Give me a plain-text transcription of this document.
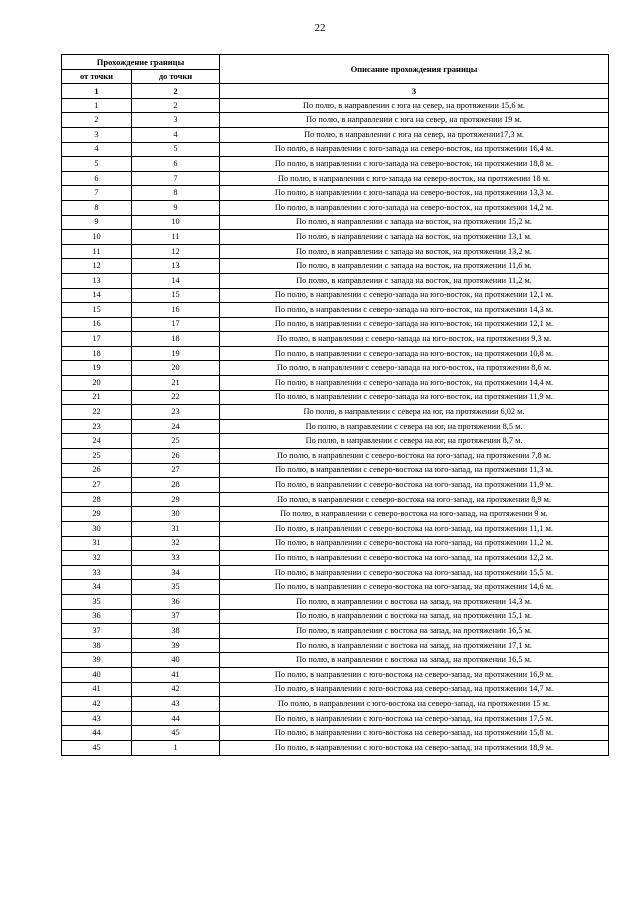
22
Прохождение границы		Описание прохождения границы
от точки	до точки	
1	2	3
1	2	По полю, в направлении с юга на север, на протяжении 15,6 м.
2	3	По полю, в направлении с юга на север, на протяжении 19 м.
3	4	По полю, в направлении с юга на север, на протяжении17,3 м.
4	5	По полю, в направлении с юго-запада на северо-восток, на протяжении 16,4 м.
5	6	По полю, в направлении с юго-запада на северо-восток, на протяжении 18,8 м.
6	7	По полю, в направлении с юго-запада на северо-восток, на протяжении 18 м.
7	8	По полю, в направлении с юго-запада на северо-восток, на протяжении 13,3 м.
8	9	По полю, в направлении с юго-запада на северо-восток, на протяжении 14,2 м.
9	10	По полю, в направлении с запада на восток, на протяжении 15,2 м.
10	11	По полю, в направлении с запада на восток, на протяжении 13,1 м.
11	12	По полю, в направлении с запада на восток, на протяжении 13,2 м.
12	13	По полю, в направлении с запада на восток, на протяжении 11,6 м.
13	14	По полю, в направлении с запада на восток, на протяжении 11,2 м.
14	15	По полю, в направлении с северо-запада на юго-восток, на протяжении 12,1 м.
15	16	По полю, в направлении с северо-запада на юго-восток, на протяжении 14,3 м.
16	17	По полю, в направлении с северо-запада на юго-восток, на протяжении 12,1 м.
17	18	По полю, в направлении с северо-запада на юго-восток, на протяжении 9,3 м.
18	19	По полю, в направлении с северо-запада на юго-восток, на протяжении 10,8 м.
19	20	По полю, в направлении с северо-запада на юго-восток, на протяжении 8,6 м.
20	21	По полю, в направлении с северо-запада на юго-восток, на протяжении 14,4 м.
21	22	По полю, в направлении с северо-запада на юго-восток, на протяжении 11,9 м.
22	23	По полю, в направлении с севера на юг, на протяжении 6,02 м.
23	24	По полю, в направлении с севера на юг, на протяжении 8,5 м.
24	25	По полю, в направлении с севера на юг, на протяжении 8,7 м.
25	26	По полю, в направлении с северо-востока на юго-запад, на протяжении 7,8 м.
26	27	По полю, в направлении с северо-востока на юго-запад, на протяжении 11,3 м.
27	28	По полю, в направлении с северо-востока на юго-запад, на протяжении 11,9 м.
28	29	По полю, в направлении с северо-востока на юго-запад, на протяжении 8,9 м.
29	30	По полю, в направлении с северо-востока на юго-запад, на протяжении 9 м.
30	31	По полю, в направлении с северо-востока на юго-запад, на протяжении 11,1 м.
31	32	По полю, в направлении с северо-востока на юго-запад, на протяжении 11,2 м.
32	33	По полю, в направлении с северо-востока на юго-запад, на протяжении 12,2 м.
33	34	По полю, в направлении с северо-востока на юго-запад, на протяжении 15,5 м.
34	35	По полю, в направлении с северо-востока на юго-запад, на протяжении 14,6 м.
35	36	По полю, в направлении с востока на запад, на протяжении 14,3 м.
36	37	По полю, в направлении с востока на запад, на протяжении 15,1 м.
37	38	По полю, в направлении с востока на запад, на протяжении 16,5 м.
38	39	По полю, в направлении с востока на запад, на протяжении 17,1 м.
39	40	По полю, в направлении с востока на запад, на протяжении 16,5 м.
40	41	По полю, в направлении с юго-востока на северо-запад, на протяжении 16,9 м.
41	42	По полю, в направлении с юго-востока на северо-запад, на протяжении 14,7 м.
42	43	По полю, в направлении с юго-востока на северо-запад, на протяжении 15 м.
43	44	По полю, в направлении с юго-востока на северо-запад, на протяжении 17,5 м.
44	45	По полю, в направлении с юго-востока на северо-запад, на протяжении 15,8 м.
45	1	По полю, в направлении с юго-востока на северо-запад, на протяжении 18,9 м.
